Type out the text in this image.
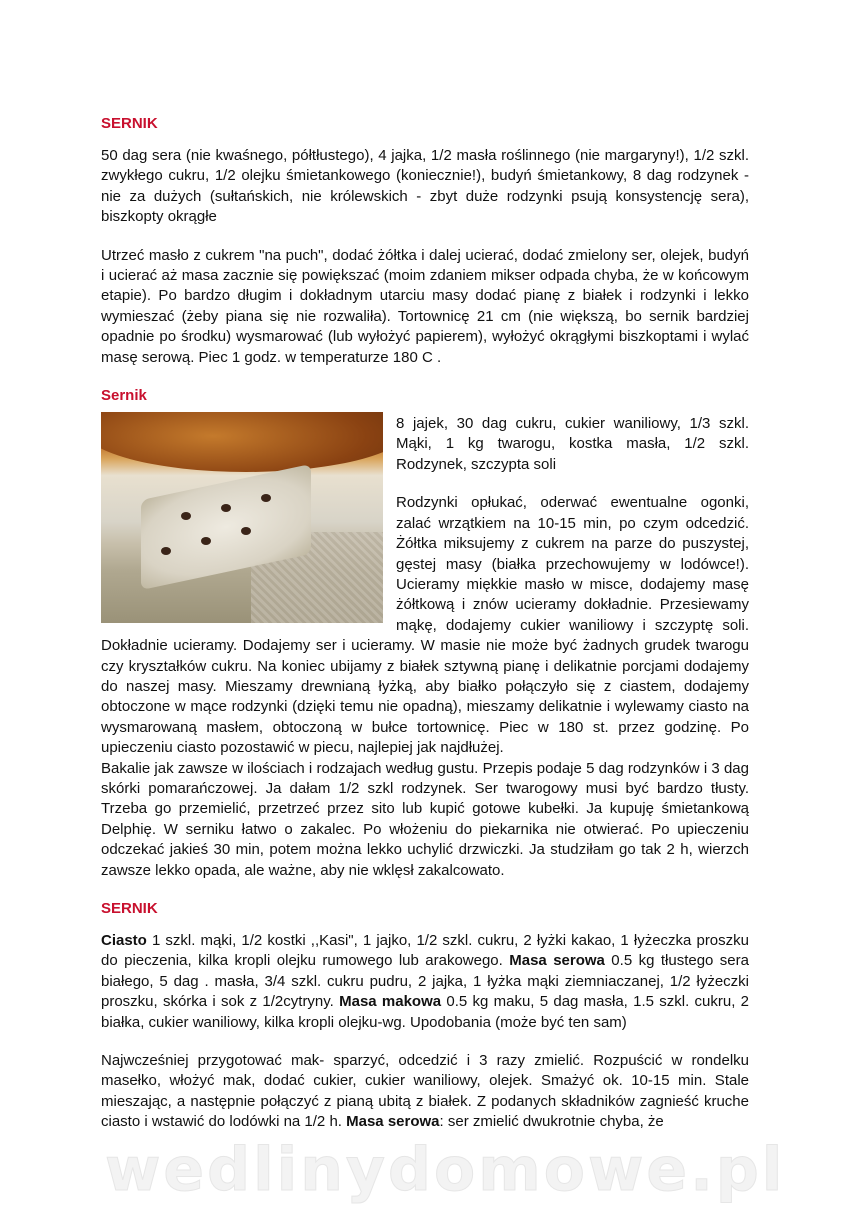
SERNIK

50 dag sera (nie kwaśnego, półtłustego), 4 jajka, 1/2 masła roślinnego (nie margaryny!), 1/2 szkl. zwykłego cukru, 1/2 olejku śmietankowego (koniecznie!), budyń śmietankowy, 8 dag rodzynek - nie za dużych (sułtańskich, nie królewskich - zbyt duże rodzynki psują konsystencję sera), biszkopty okrągłe

Utrzeć masło z cukrem "na puch", dodać żółtka i dalej ucierać, dodać zmielony ser, olejek, budyń i ucierać aż masa zacznie się powiększać (moim zdaniem mikser odpada chyba, że w końcowym etapie). Po bardzo długim i dokładnym utarciu masy dodać pianę z białek i rodzynki i lekko wymieszać (żeby piana się nie rozwaliła). Tortownicę 21 cm (nie większą, bo sernik bardziej opadnie po środku) wysmarować (lub wyłożyć papierem), wyłożyć okrągłymi biszkoptami i wylać masę serową. Piec 1 godz. w temperaturze 180 C .

Sernik

8 jajek, 30 dag cukru, cukier waniliowy, 1/3 szkl. Mąki, 1 kg twarogu, kostka masła, 1/2 szkl. Rodzynek, szczypta soli

Rodzynki opłukać, oderwać ewentualne ogonki, zalać wrzątkiem na 10-15 min, po czym odcedzić. Żółtka miksujemy z cukrem na parze do puszystej, gęstej masy (białka przechowujemy w lodówce!). Ucieramy miękkie masło w misce, dodajemy masę żółtkową i znów ucieramy dokładnie. Przesiewamy mąkę, dodajemy cukier waniliowy i szczyptę soli. Dokładnie ucieramy. Dodajemy ser i ucieramy. W masie nie może być żadnych grudek twarogu czy kryształków cukru. Na koniec ubijamy z białek sztywną pianę i delikatnie porcjami dodajemy do naszej masy. Mieszamy drewnianą łyżką, aby białko połączyło się z ciastem, dodajemy obtoczone w mące rodzynki (dzięki temu nie opadną), mieszamy delikatnie i wylewamy ciasto na wysmarowaną masłem, obtoczoną w bułce tortownicę. Piec w 180 st. przez godzinę. Po upieczeniu ciasto pozostawić w piecu, najlepiej jak najdłużej.

Bakalie jak zawsze w ilościach i rodzajach według gustu. Przepis podaje 5 dag rodzynków i 3 dag skórki pomarańczowej. Ja dałam 1/2 szkl rodzynek. Ser twarogowy musi być bardzo tłusty. Trzeba go przemielić, przetrzeć przez sito lub kupić gotowe kubełki. Ja kupuję śmietankową Delphię. W serniku łatwo o zakalec. Po włożeniu do piekarnika nie otwierać. Po upieczeniu odczekać jakieś 30 min, potem można lekko uchylić drzwiczki. Ja studziłam go tak 2 h, wierzch zawsze lekko opada, ale ważne, aby nie wklęsł zakalcowato.

SERNIK

Ciasto 1 szkl. mąki, 1/2 kostki ,,Kasi", 1 jajko, 1/2 szkl. cukru, 2 łyżki kakao, 1 łyżeczka proszku do pieczenia, kilka kropli olejku rumowego lub arakowego. Masa serowa 0.5 kg tłustego sera białego, 5 dag . masła, 3/4 szkl. cukru pudru, 2 jajka, 1 łyżka mąki ziemniaczanej, 1/2 łyżeczki proszku, skórka i sok z 1/2cytryny. Masa makowa 0.5 kg maku, 5 dag masła, 1.5 szkl. cukru, 2 białka, cukier waniliowy, kilka kropli olejku-wg. Upodobania (może być ten sam)

Najwcześniej przygotować mak- sparzyć, odcedzić i 3 razy zmielić. Rozpuścić w rondelku masełko, włożyć mak, dodać cukier, cukier waniliowy, olejek. Smażyć ok. 10-15 min. Stale mieszając, a następnie połączyć z pianą ubitą z białek. Z podanych składników zagnieść kruche ciasto i wstawić do lodówki na 1/2 h. Masa serowa: ser zmielić dwukrotnie chyba, że

wedlinydomowe.pl
